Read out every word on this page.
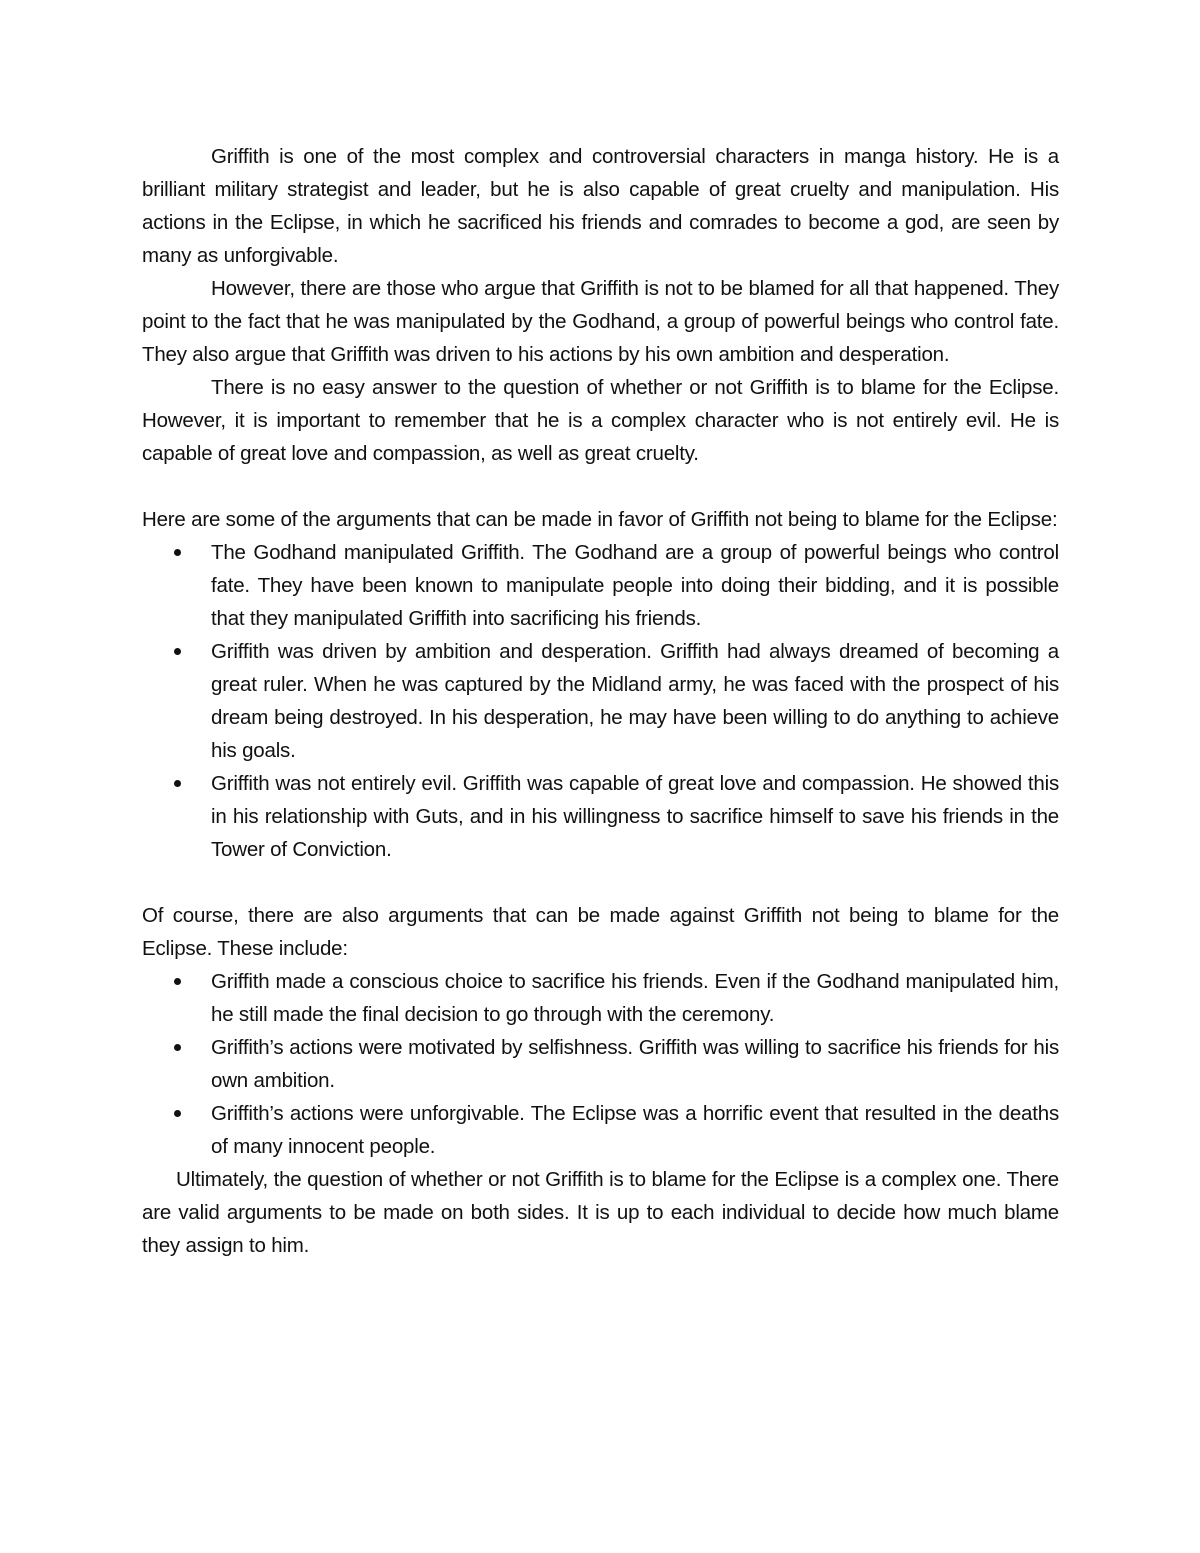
Griffith is one of the most complex and controversial characters in manga history. He is a brilliant military strategist and leader, but he is also capable of great cruelty and manipulation. His actions in the Eclipse, in which he sacrificed his friends and comrades to become a god, are seen by many as unforgivable.

However, there are those who argue that Griffith is not to be blamed for all that happened. They point to the fact that he was manipulated by the Godhand, a group of powerful beings who control fate. They also argue that Griffith was driven to his actions by his own ambition and desperation.

There is no easy answer to the question of whether or not Griffith is to blame for the Eclipse. However, it is important to remember that he is a complex character who is not entirely evil. He is capable of great love and compassion, as well as great cruelty.

Here are some of the arguments that can be made in favor of Griffith not being to blame for the Eclipse:

The Godhand manipulated Griffith. The Godhand are a group of powerful beings who control fate. They have been known to manipulate people into doing their bidding, and it is possible that they manipulated Griffith into sacrificing his friends.
Griffith was driven by ambition and desperation. Griffith had always dreamed of becoming a great ruler. When he was captured by the Midland army, he was faced with the prospect of his dream being destroyed. In his desperation, he may have been willing to do anything to achieve his goals.
Griffith was not entirely evil. Griffith was capable of great love and compassion. He showed this in his relationship with Guts, and in his willingness to sacrifice himself to save his friends in the Tower of Conviction.

Of course, there are also arguments that can be made against Griffith not being to blame for the Eclipse. These include:

Griffith made a conscious choice to sacrifice his friends. Even if the Godhand manipulated him, he still made the final decision to go through with the ceremony.
Griffith’s actions were motivated by selfishness. Griffith was willing to sacrifice his friends for his own ambition.
Griffith’s actions were unforgivable. The Eclipse was a horrific event that resulted in the deaths of many innocent people.

Ultimately, the question of whether or not Griffith is to blame for the Eclipse is a complex one. There are valid arguments to be made on both sides. It is up to each individual to decide how much blame they assign to him.
